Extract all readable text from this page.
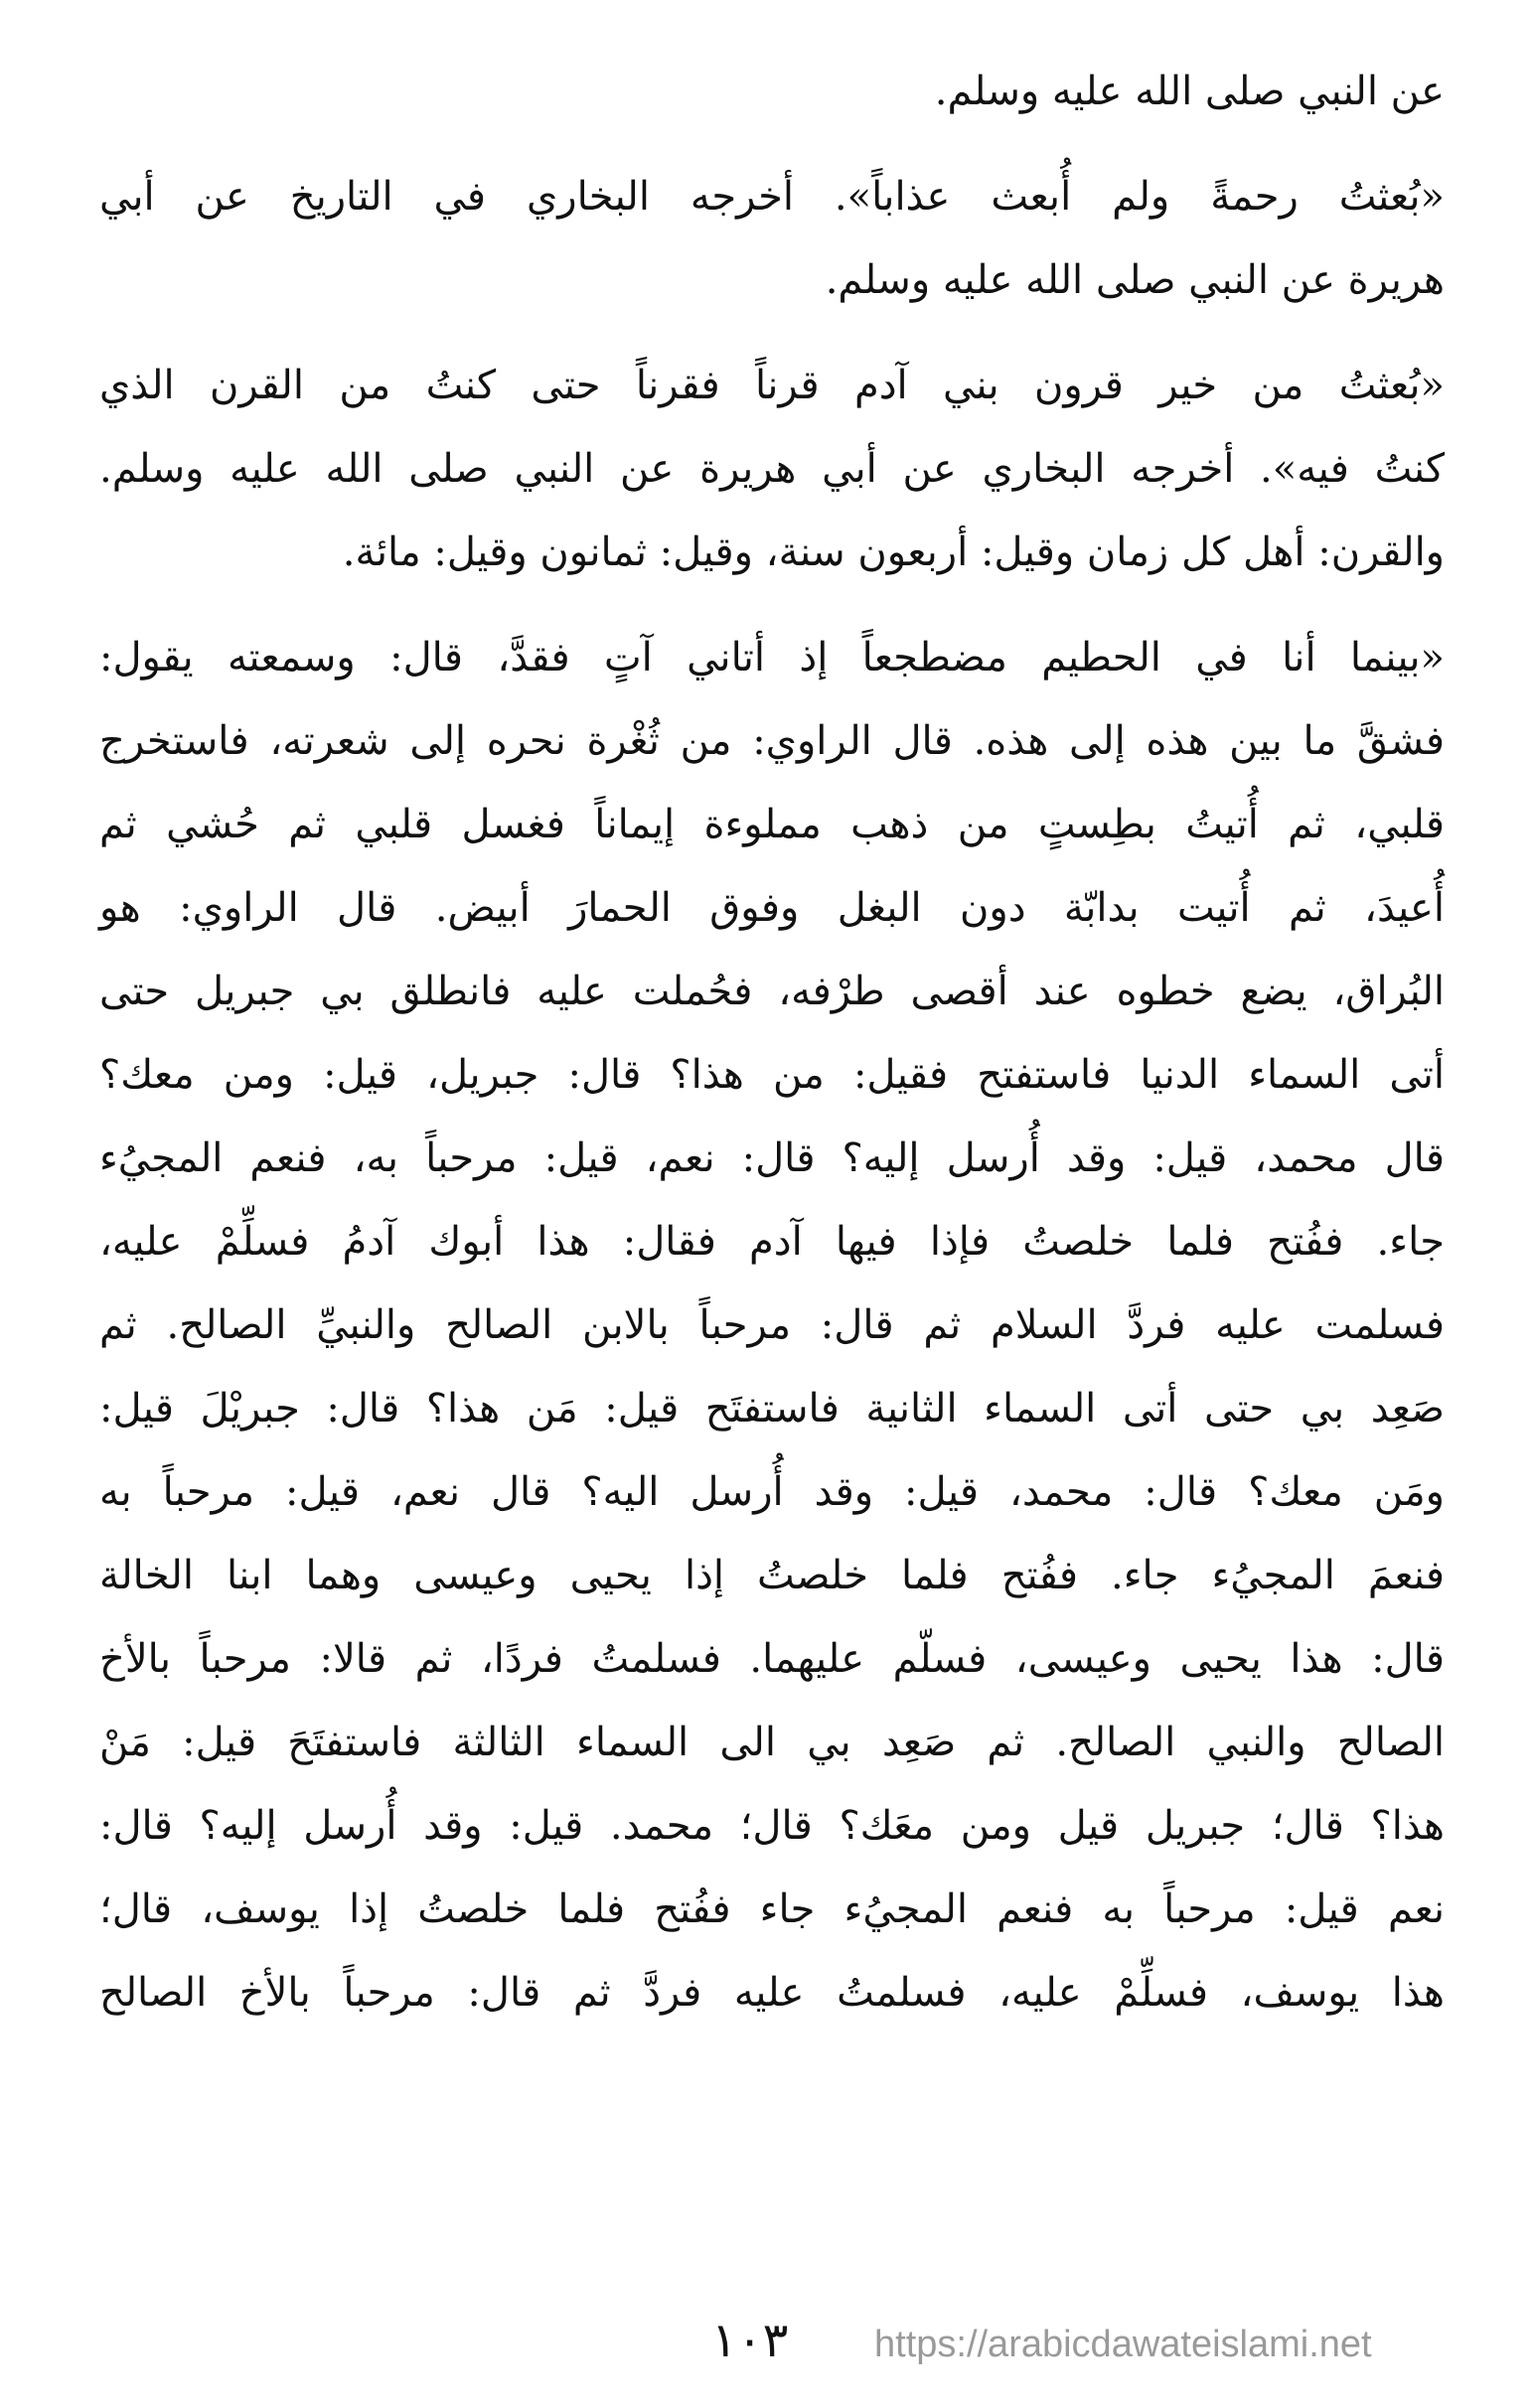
عن النبي صلى الله عليه وسلم.
«بُعثتُ رحمةً ولم أُبعث عذاباً». أخرجه البخاري في التاريخ عن أبي
هريرة عن النبي صلى الله عليه وسلم.
«بُعثتُ من خير قرون بني آدم قرناً فقرناً حتى كنتُ من القرن الذي
كنتُ فيه». أخرجه البخاري عن أبي هريرة عن النبي صلى الله عليه وسلم.
والقرن: أهل كل زمان وقيل: أربعون سنة، وقيل: ثمانون وقيل: مائة.
«بينما أنا في الحطيم مضطجعاً إذ أتاني آتٍ فقدَّ، قال: وسمعته يقول:
فشقَّ ما بين هذه إلى هذه. قال الراوي: من ثُغْرة نحره إلى شعرته، فاستخرج
قلبي، ثم أُتيتُ بطِستٍ من ذهب مملوءة إيماناً فغسل قلبي ثم حُشي ثم
أُعيدَ، ثم أُتيت بدابّة دون البغل وفوق الحمارَ أبيض. قال الراوي: هو
البُراق، يضع خطوه عند أقصى طرْفه، فحُملت عليه فانطلق بي جبريل حتى
أتى السماء الدنيا فاستفتح فقيل: من هذا؟ قال: جبريل، قيل: ومن معك؟
قال محمد، قيل: وقد أُرسل إليه؟ قال: نعم، قيل: مرحباً به، فنعم المجيُء
جاء. ففُتح فلما خلصتُ فإذا فيها آدم فقال: هذا أبوك آدمُ فسلِّمْ عليه،
فسلمت عليه فردَّ السلام ثم قال: مرحباً بالابن الصالح والنبيِّ الصالح. ثم
صَعِد بي حتى أتى السماء الثانية فاستفتَح قيل: مَن هذا؟ قال: جبريْلَ قيل:
ومَن معك؟ قال: محمد، قيل: وقد أُرسل اليه؟ قال نعم، قيل: مرحباً به
فنعمَ المجيُء جاء. ففُتح فلما خلصتُ إذا يحيى وعيسى وهما ابنا الخالة
قال: هذا يحيى وعيسى، فسلّم عليهما. فسلمتُ فردًا، ثم قالا: مرحباً بالأخ
الصالح والنبي الصالح. ثم صَعِد بي الى السماء الثالثة فاستفتَحَ قيل: مَنْ
هذا؟ قال؛ جبريل قيل ومن معَك؟ قال؛ محمد. قيل: وقد أُرسل إليه؟ قال:
نعم قيل: مرحباً به فنعم المجيُء جاء ففُتح فلما خلصتُ إذا يوسف، قال؛
هذا يوسف، فسلِّمْ عليه، فسلمتُ عليه فردَّ ثم قال: مرحباً بالأخ الصالح
١٠٣ https://arabicdawateislami.net
